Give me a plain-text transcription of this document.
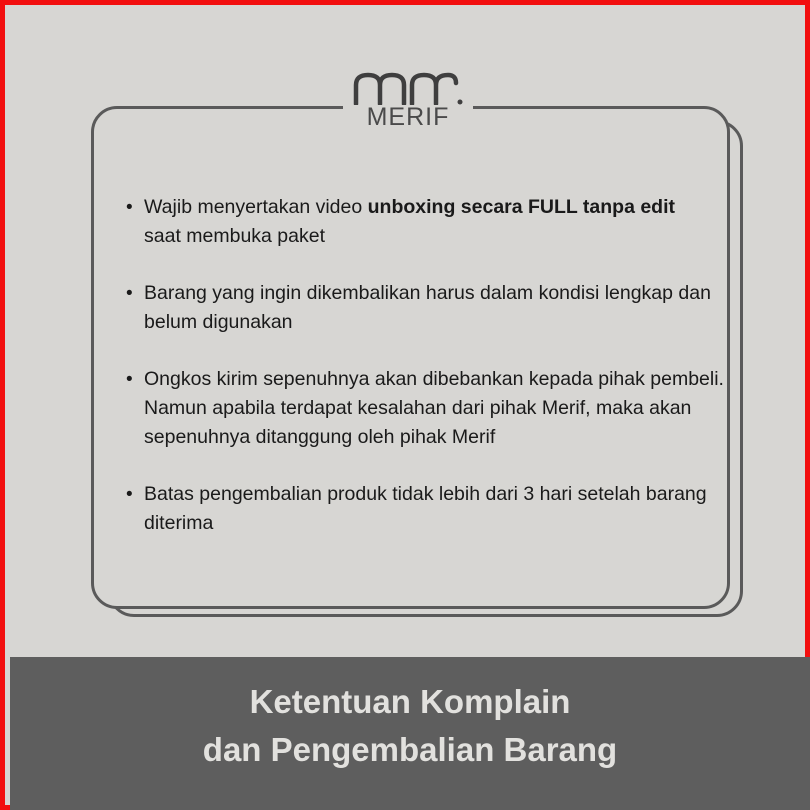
MERIF
• Wajib menyertakan video unboxing secara FULL tanpa edit
saat membuka paket
• Barang yang ingin dikembalikan harus dalam kondisi lengkap dan belum digunakan
• Ongkos kirim sepenuhnya akan dibebankan kepada pihak pembeli. Namun apabila terdapat kesalahan dari pihak Merif, maka akan sepenuhnya ditanggung oleh pihak Merif
• Batas pengembalian produk tidak lebih dari 3 hari setelah barang diterima
Ketentuan Komplain
dan Pengembalian Barang
